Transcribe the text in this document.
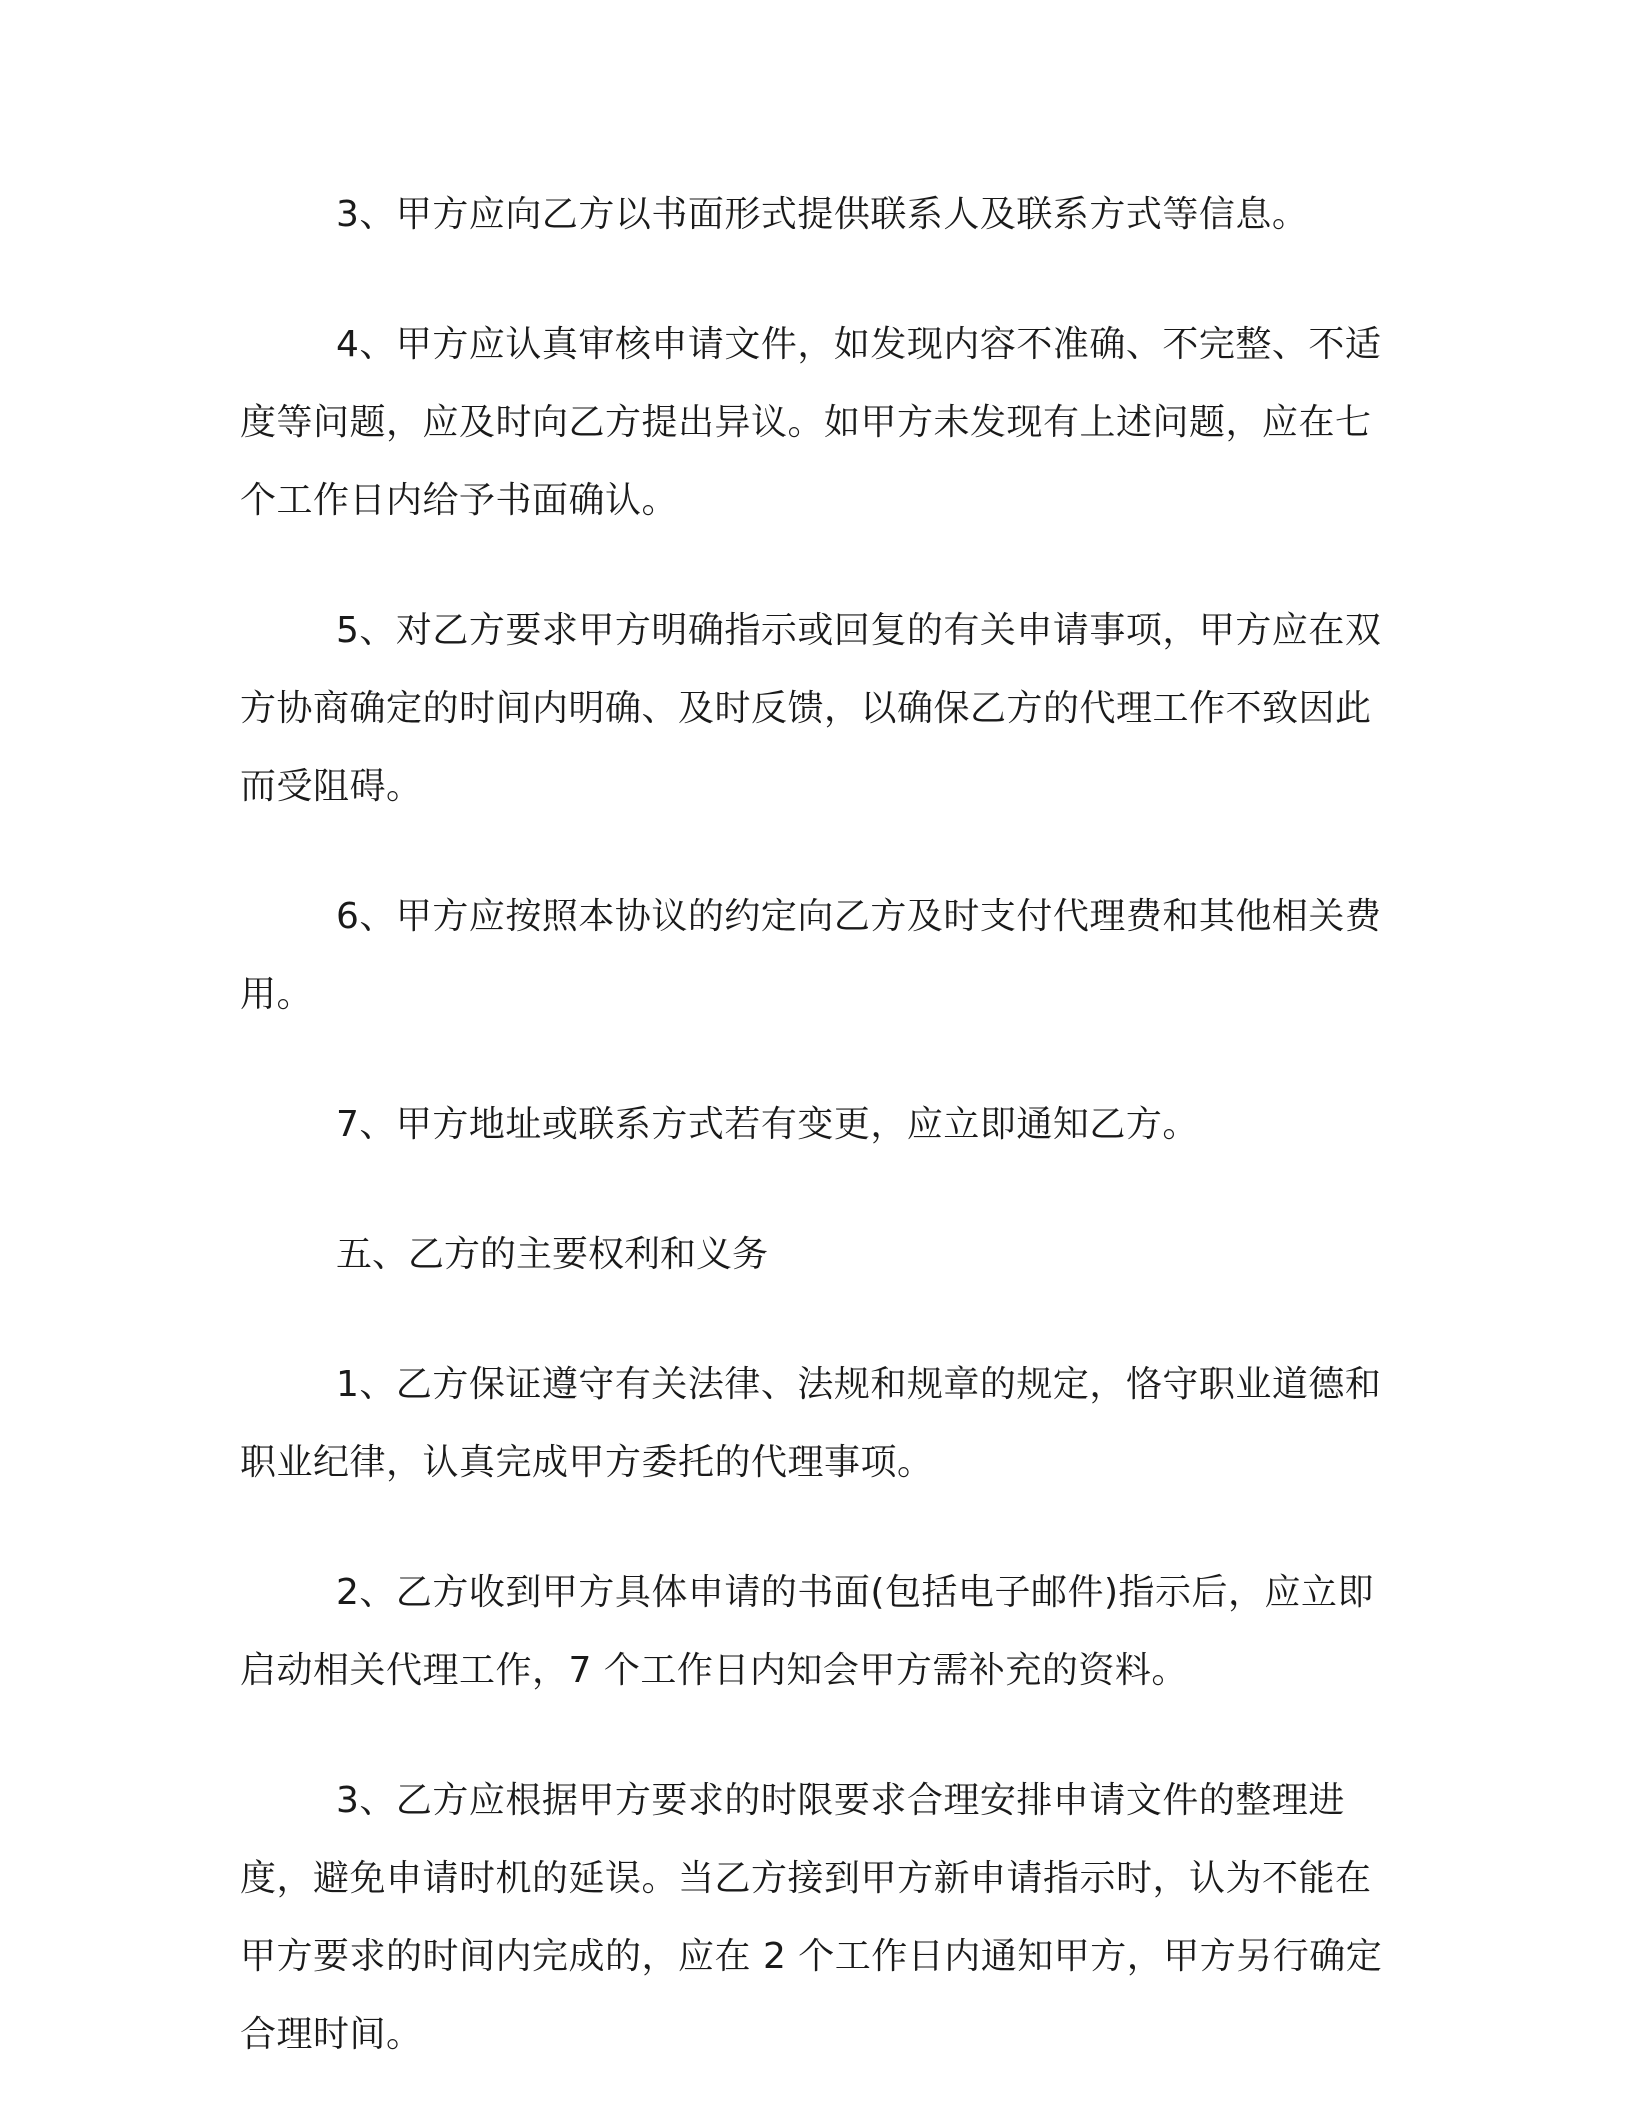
3、甲方应向乙方以书面形式提供联系人及联系方式等信息。

4、甲方应认真审核申请文件，如发现内容不准确、不完整、不适度等问题，应及时向乙方提出异议。如甲方未发现有上述问题，应在七个工作日内给予书面确认。

5、对乙方要求甲方明确指示或回复的有关申请事项，甲方应在双方协商确定的时间内明确、及时反馈，以确保乙方的代理工作不致因此而受阻碍。

6、甲方应按照本协议的约定向乙方及时支付代理费和其他相关费用。

7、甲方地址或联系方式若有变更，应立即通知乙方。

五、乙方的主要权利和义务

1、乙方保证遵守有关法律、法规和规章的规定，恪守职业道德和职业纪律，认真完成甲方委托的代理事项。

2、乙方收到甲方具体申请的书面(包括电子邮件)指示后，应立即启动相关代理工作，7 个工作日内知会甲方需补充的资料。

3、乙方应根据甲方要求的时限要求合理安排申请文件的整理进度，避免申请时机的延误。当乙方接到甲方新申请指示时，认为不能在甲方要求的时间内完成的，应在 2 个工作日内通知甲方，甲方另行确定合理时间。
